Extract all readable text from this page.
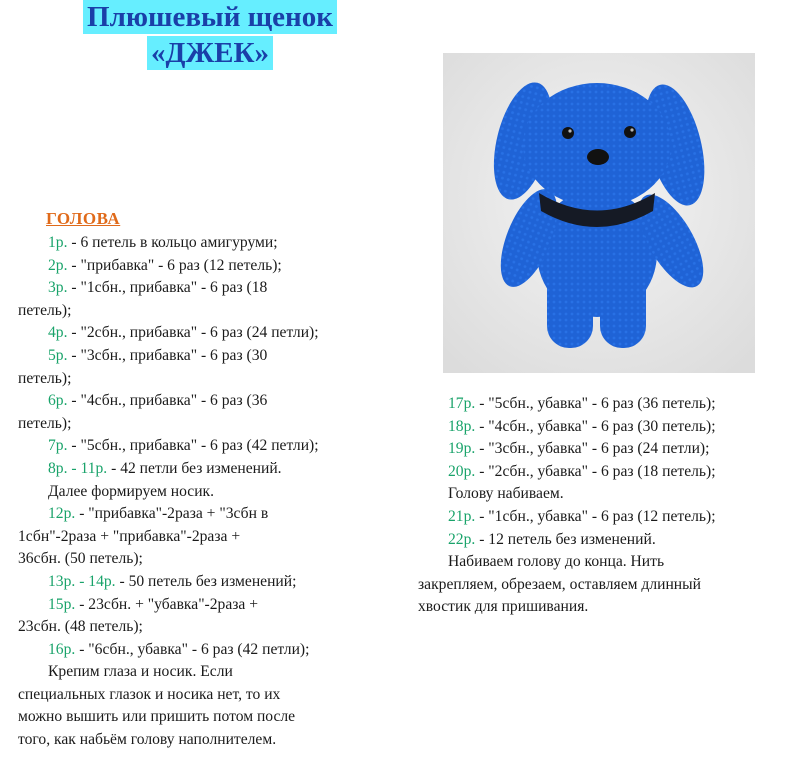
Плюшевый щенок
«ДЖЕК»
ГОЛОВА
1р. - 6 петель в кольцо амигуруми;
2р. - "прибавка" - 6 раз (12 петель);
3р. - "1сбн., прибавка" - 6 раз (18
петель);
4р. - "2сбн., прибавка" - 6 раз (24 петли);
5р. - "3сбн., прибавка" - 6 раз (30
петель);
6р. - "4сбн., прибавка" - 6 раз (36
петель);
7р. - "5сбн., прибавка" - 6 раз (42 петли);
8р. - 11р. - 42 петли без изменений.
Далее формируем носик.
12р. - "прибавка"-2раза + "3сбн в
1сбн"-2раза + "прибавка"-2раза +
36сбн. (50 петель);
13р. - 14р. - 50 петель без изменений;
15р. - 23сбн. + "убавка"-2раза +
23сбн. (48 петель);
16р. - "6сбн., убавка" - 6 раз (42 петли);
Крепим глаза и носик. Если
специальных глазок и носика нет, то их
можно вышить или пришить потом после
того, как набьём голову наполнителем.
17р. - "5сбн., убавка" - 6 раз (36 петель);
18р. - "4сбн., убавка" - 6 раз (30 петель);
19р. - "3сбн., убавка" - 6 раз (24 петли);
20р. - "2сбн., убавка" - 6 раз (18 петель);
Голову набиваем.
21р. - "1сбн., убавка" - 6 раз (12 петель);
22р. - 12 петель без изменений.
Набиваем голову до конца. Нить
закрепляем, обрезаем, оставляем длинный
хвостик для пришивания.
